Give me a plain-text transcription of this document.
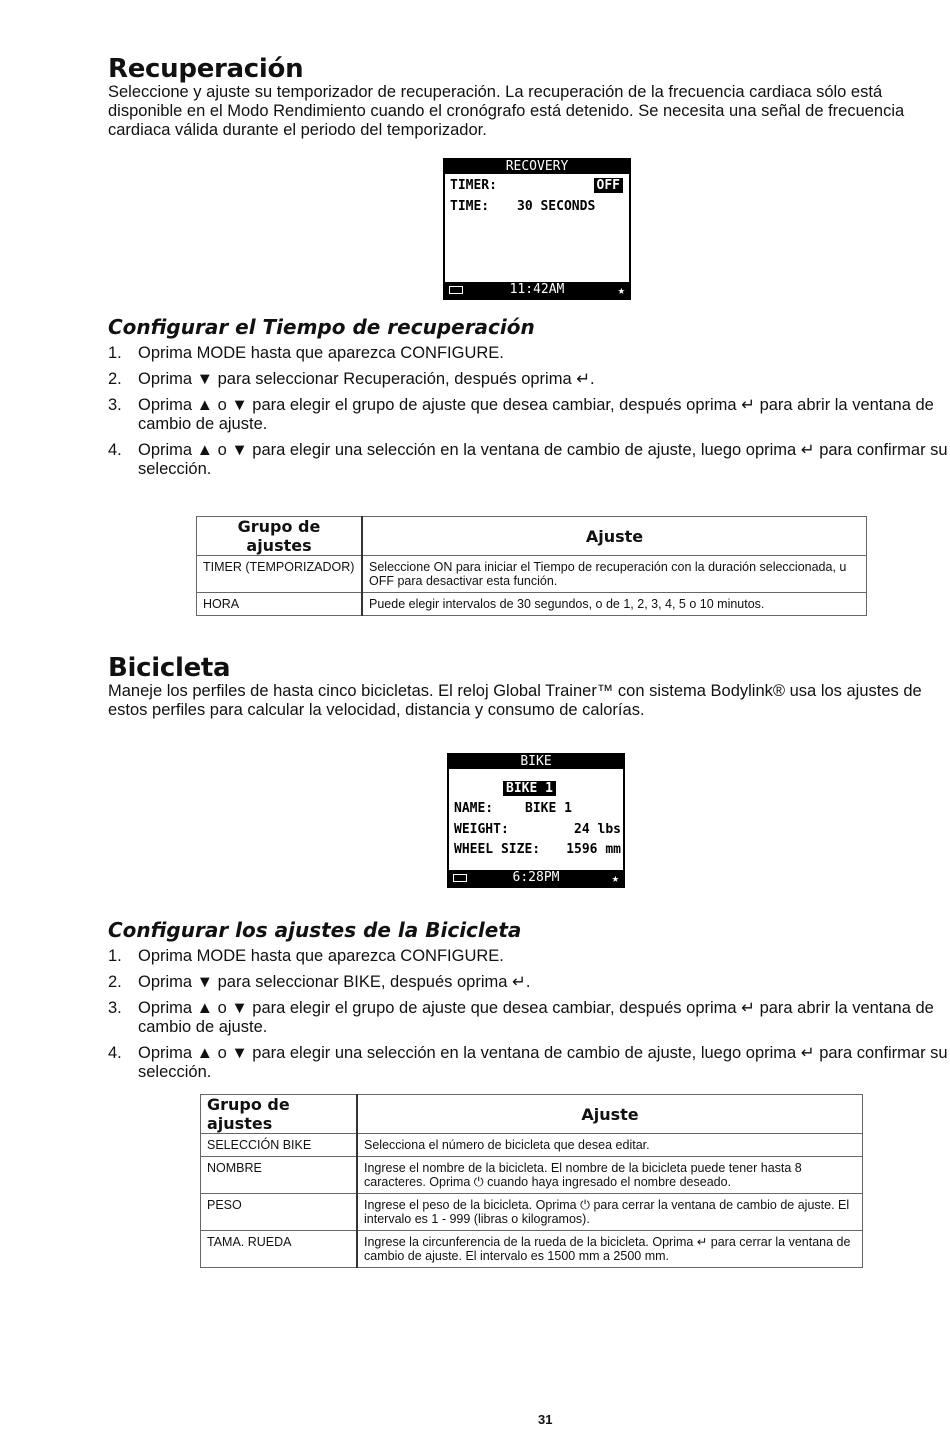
Recuperación

Seleccione y ajuste su temporizador de recuperación. La recuperación de la frecuencia cardiaca sólo está disponible en el Modo Rendimiento cuando el cronógrafo está detenido. Se necesita una señal de frecuencia cardiaca válida durante el periodo del temporizador.

RECOVERY
TIMER:	OFF
TIME: 30 SECONDS
11:42AM	★
Configurar el Tiempo de recuperación
1. Oprima MODE hasta que aparezca CONFIGURE.
2. Oprima ▼ para seleccionar Recuperación, después oprima ↵.
3. Oprima ▲ o ▼ para elegir el grupo de ajuste que desea cambiar, después oprima ↵ para abrir la ventana de cambio de ajuste.
4. Oprima ▲ o ▼ para elegir una selección en la ventana de cambio de ajuste, luego oprima ↵ para confirmar su selección.
Grupo de ajustes	Ajuste
TIMER (TEMPORIZADOR)	Seleccione ON para iniciar el Tiempo de recuperación con la duración seleccionada, u OFF para desactivar esta función.
HORA	Puede elegir intervalos de 30 segundos, o de 1, 2, 3, 4, 5 o 10 minutos.
Bicicleta

Maneje los perfiles de hasta cinco bicicletas. El reloj Global Trainer™ con sistema Bodylink® usa los ajustes de estos perfiles para calcular la velocidad, distancia y consumo de calorías.

BIKE
BIKE 1
NAME: BIKE 1
WEIGHT:	24 lbs
WHEEL SIZE: 1596 mm
6:28PM	★
Configurar los ajustes de la Bicicleta
1. Oprima MODE hasta que aparezca CONFIGURE.
2. Oprima ▼ para seleccionar BIKE, después oprima ↵.
3. Oprima ▲ o ▼ para elegir el grupo de ajuste que desea cambiar, después oprima ↵ para abrir la ventana de cambio de ajuste.
4. Oprima ▲ o ▼ para elegir una selección en la ventana de cambio de ajuste, luego oprima ↵ para confirmar su selección.
Grupo de ajustes	Ajuste
SELECCIÓN BIKE	Selecciona el número de bicicleta que desea editar.
NOMBRE	Ingrese el nombre de la bicicleta. El nombre de la bicicleta puede tener hasta 8 caracteres. Oprima ⏻ cuando haya ingresado el nombre deseado.
PESO	Ingrese el peso de la bicicleta. Oprima ⏻ para cerrar la ventana de cambio de ajuste. El intervalo es 1 - 999 (libras o kilogramos).
TAMA. RUEDA	Ingrese la circunferencia de la rueda de la bicicleta. Oprima ↵ para cerrar la ventana de cambio de ajuste. El intervalo es 1500 mm a 2500 mm.
31
